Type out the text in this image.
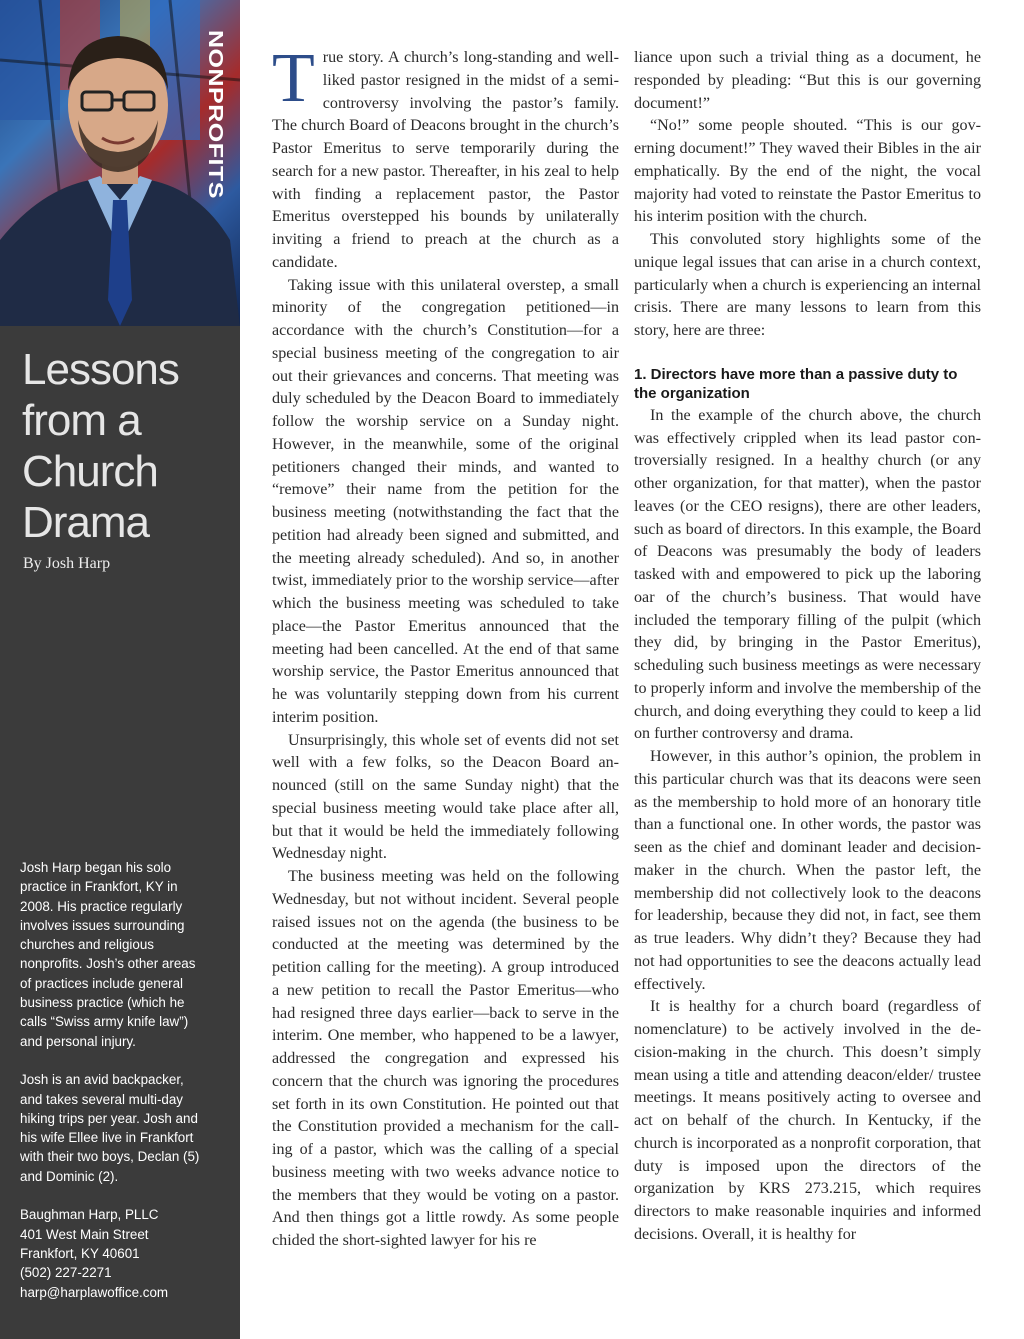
NONPROFITS
Lessons
from a
Church
Drama
By Josh Harp

Josh Harp began his solo
practice in Frankfort, KY in
2008. His practice regularly
involves issues surrounding
churches and religious
nonprofits. Josh’s other areas
of practices include general
business practice (which he
calls “Swiss army knife law”)
and personal injury.

Josh is an avid backpacker,
and takes several multi-day
hiking trips per year. Josh and
his wife Ellee live in Frankfort
with their two boys, Declan (5)
and Dominic (2).

Baughman Harp, PLLC
401 West Main Street
Frankfort, KY 40601
(502) 227-2271
harp@harplawoffice.com

True story. A church’s long-standing and well-liked pastor resigned in the midst of a semi-controversy involving the pastor’s family. The church Board of Deacons brought in the church’s Pastor Emeritus to serve temporarily during the search for a new pastor. Thereafter, in his zeal to help with finding a replacement pastor, the Pastor Emeritus overstepped his bounds by unilaterally inviting a friend to preach at the church as a candidate.

Taking issue with this unilateral overstep, a small minority of the congregation petitioned—in accordance with the church’s Constitution—for a special business meeting of the congregation to air out their grievances and concerns. That meeting was duly scheduled by the Deacon Board to immediately follow the worship service on a Sunday night. However, in the meanwhile, some of the original petitioners changed their minds, and wanted to “remove” their name from the petition for the business meeting (notwithstanding the fact that the petition had already been signed and submitted, and the meeting already scheduled). And so, in another twist, immediately prior to the worship service—after which the business meeting was scheduled to take place—the Pastor Emeritus announced that the meeting had been cancelled. At the end of that same worship service, the Pastor Emeritus announced that he was voluntarily stepping down from his current interim position.

Unsurprisingly, this whole set of events did not set well with a few folks, so the Deacon Board announced (still on the same Sunday night) that the special business meeting would take place after all, but that it would be held the immediately following Wednesday night.

The business meeting was held on the following Wednesday, but not without incident. Several people raised issues not on the agenda (the business to be conducted at the meeting was determined by the petition calling for the meeting). A group introduced a new petition to recall the Pastor Emeritus—who had resigned three days earlier—back to serve in the interim. One member, who happened to be a lawyer, addressed the congregation and expressed his concern that the church was ignoring the procedures set forth in its own Constitution. He pointed out that the Constitution provided a mechanism for the calling of a pastor, which was the calling of a special business meeting with two weeks advance notice to the members that they would be voting on a pastor. And then things got a little rowdy. As some people chided the short-sighted lawyer for his re

liance upon such a trivial thing as a document, he responded by pleading: “But this is our governing document!”

“No!” some people shouted. “This is our governing document!” They waved their Bibles in the air emphatically. By the end of the night, the vocal majority had voted to reinstate the Pastor Emeritus to his interim position with the church.

This convoluted story highlights some of the unique legal issues that can arise in a church context, particularly when a church is experiencing an internal crisis. There are many lessons to learn from this story, here are three:

1. Directors have more than a passive duty to the organization

In the example of the church above, the church was effectively crippled when its lead pastor controversially resigned. In a healthy church (or any other organization, for that matter), when the pastor leaves (or the CEO resigns), there are other leaders, such as board of directors. In this example, the Board of Deacons was presumably the body of leaders tasked with and empowered to pick up the laboring oar of the church’s business. That would have included the temporary filling of the pulpit (which they did, by bringing in the Pastor Emeritus), scheduling such business meetings as were necessary to properly inform and involve the membership of the church, and doing everything they could to keep a lid on further controversy and drama.

However, in this author’s opinion, the problem in this particular church was that its deacons were seen as the membership to hold more of an honorary title than a functional one. In other words, the pastor was seen as the chief and dominant leader and decision-maker in the church. When the pastor left, the membership did not collectively look to the deacons for leadership, because they did not, in fact, see them as true leaders. Why didn’t they? Because they had not had opportunities to see the deacons actually lead effectively.

It is healthy for a church board (regardless of nomenclature) to be actively involved in the decision-making in the church. This doesn’t simply mean using a title and attending deacon/elder/ trustee meetings. It means positively acting to oversee and act on behalf of the church. In Kentucky, if the church is incorporated as a nonprofit corporation, that duty is imposed upon the directors of the organization by KRS 273.215, which requires directors to make reasonable inquiries and informed decisions. Overall, it is healthy for
